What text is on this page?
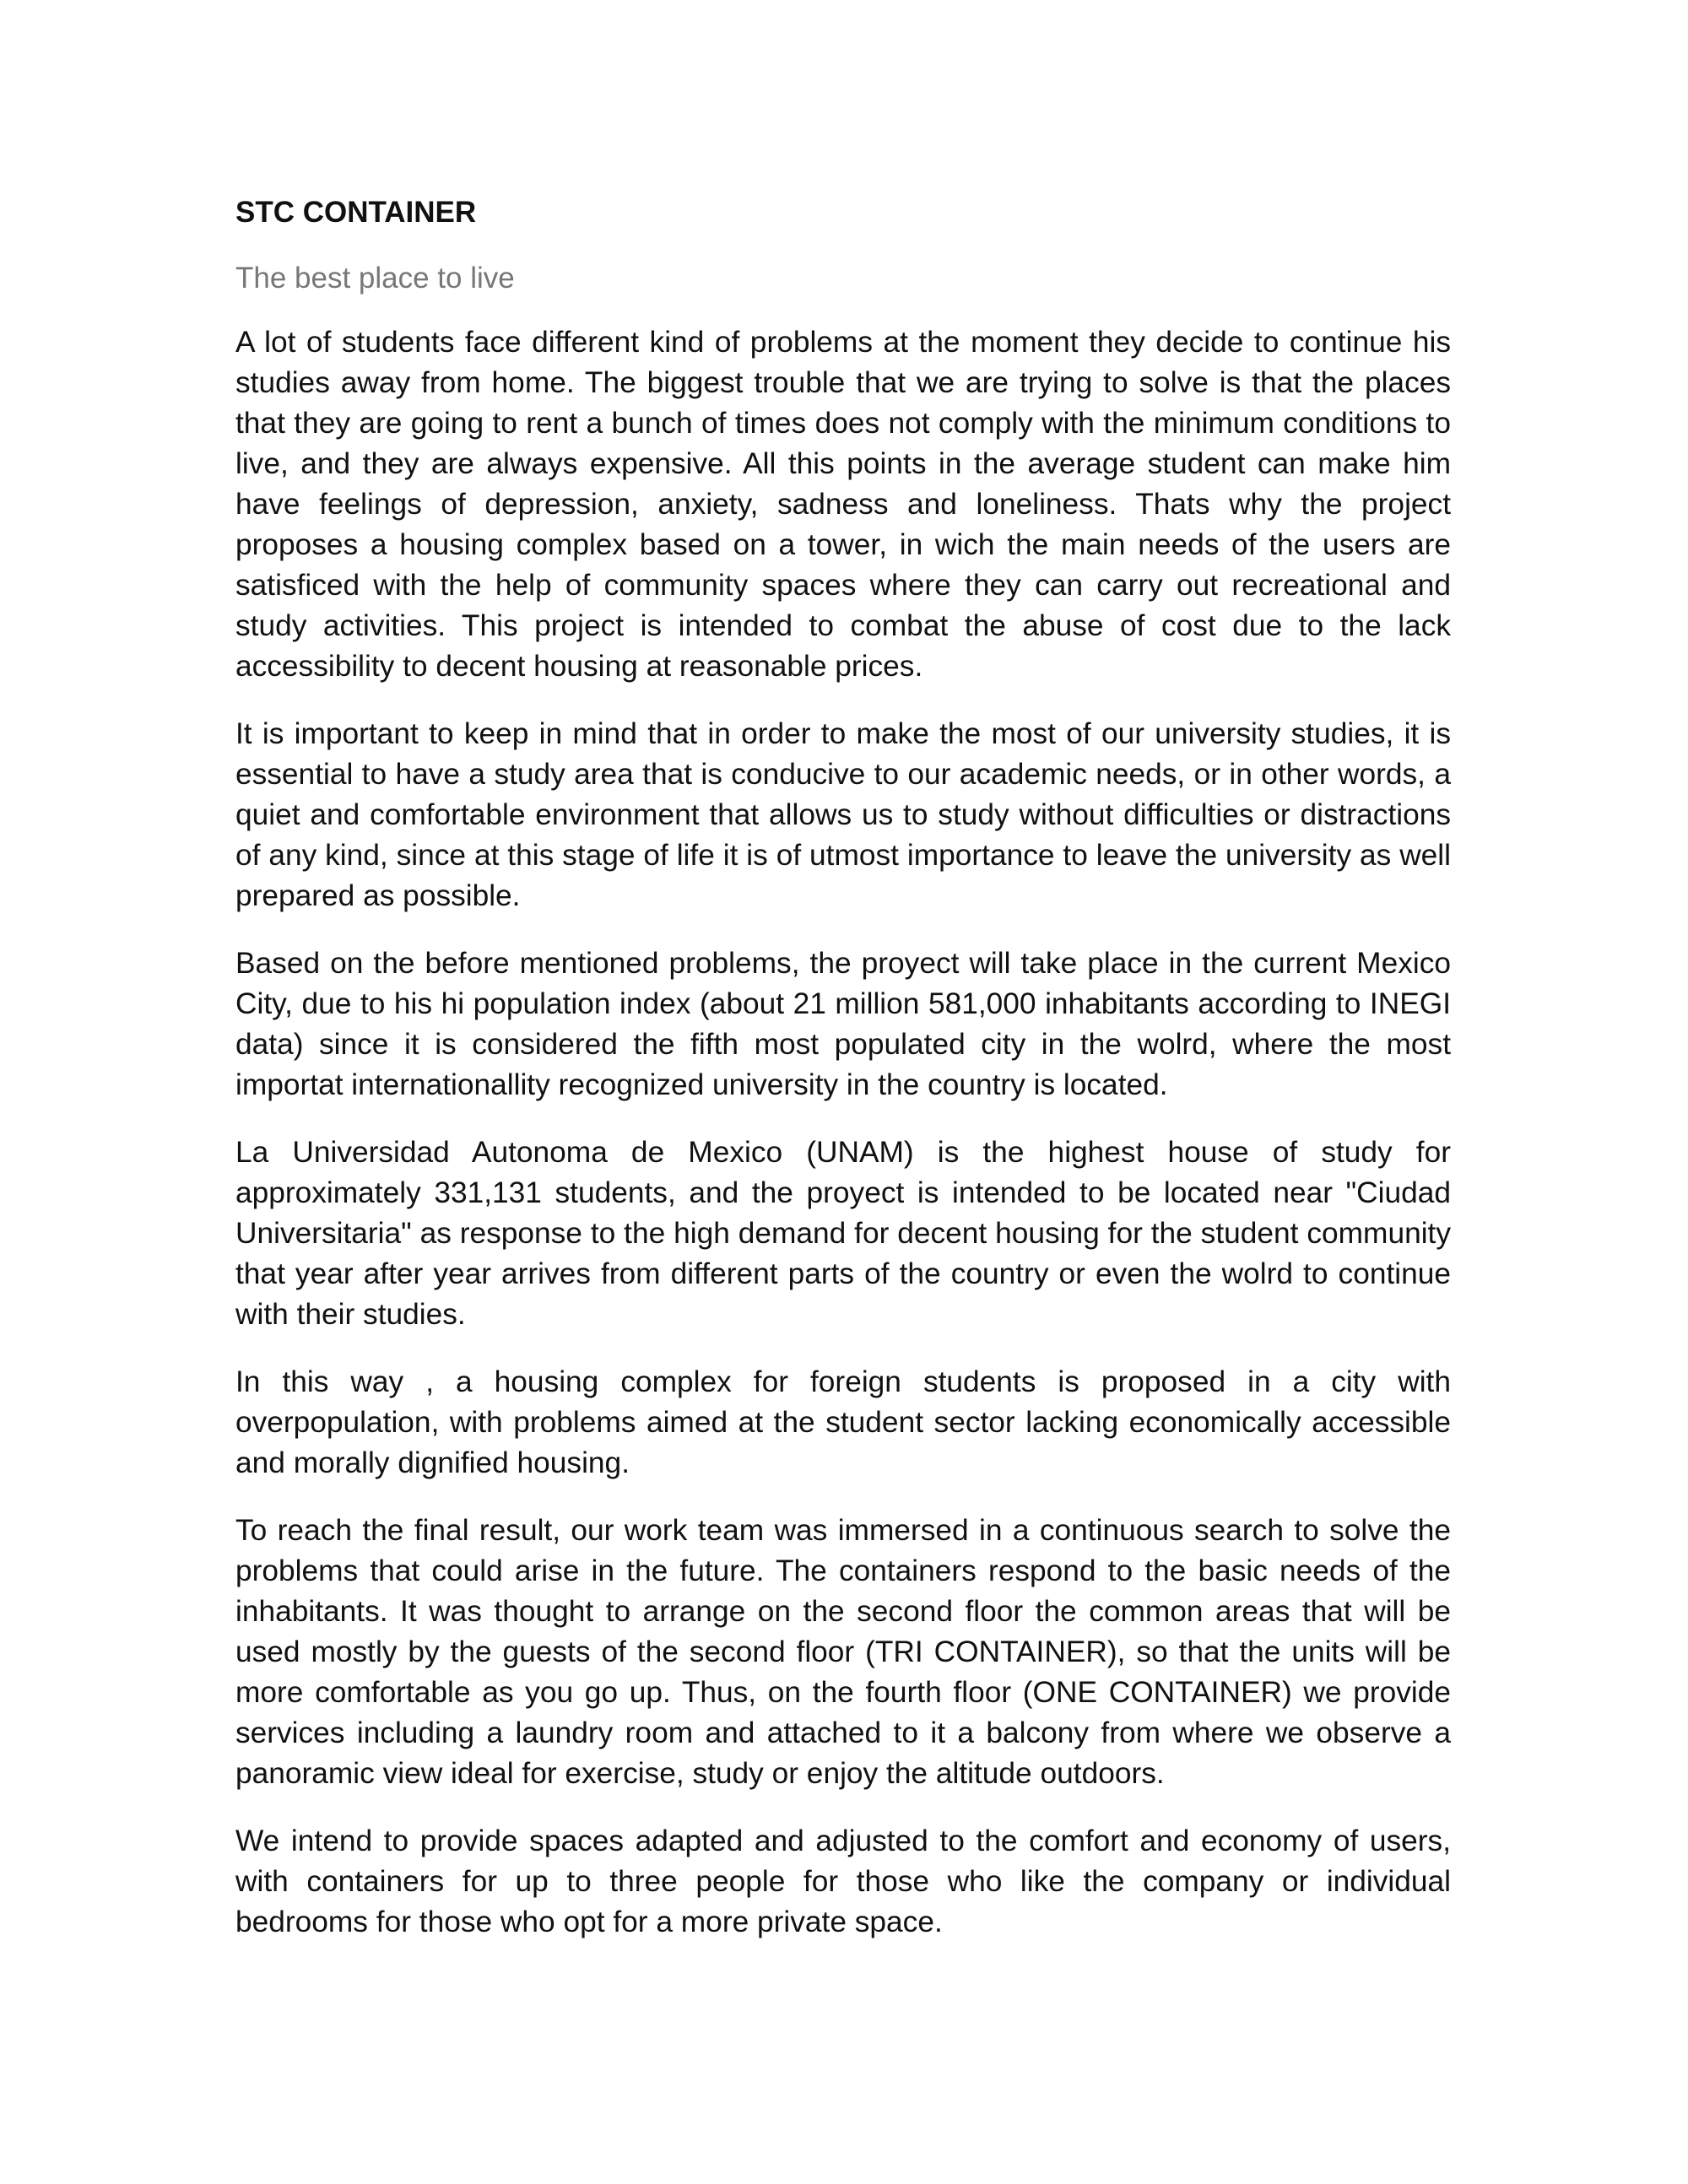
STC CONTAINER
The best place to live

A lot of students face different kind of problems at the moment they decide to continue his studies away from home. The biggest trouble that we are trying to solve is that the places that they are going to rent a bunch of times does not comply with the minimum conditions to live, and they are always expensive. All this points in the average student can make him have feelings of depression, anxiety, sadness and loneliness. Thats why the project proposes a housing complex based on a tower, in wich the main needs of the users are satisficed with the help of community spaces where they can carry out recreational and study activities. This project is intended to combat the abuse of cost due to the lack accessibility to decent housing at reasonable prices.

It is important to keep in mind that in order to make the most of our university studies, it is essential to have a study area that is conducive to our academic needs, or in other words, a quiet and comfortable environment that allows us to study without difficulties or distractions of any kind, since at this stage of life it is of utmost importance to leave the university as well prepared as possible.

Based on the before mentioned problems, the proyect will take place in the current Mexico City, due to his hi population index (about 21 million 581,000 inhabitants according to INEGI data) since it is considered the fifth most populated city in the wolrd, where the most importat internationallity recognized university in the country is located.

La Universidad Autonoma de Mexico (UNAM) is the highest house of study for approximately 331,131 students, and the proyect is intended to be located near "Ciudad Universitaria" as response to the high demand for decent housing for the student community that year after year arrives from different parts of the country or even the wolrd to continue with their studies.

In this way , a housing complex for foreign students is proposed in a city with overpopulation, with problems aimed at the student sector lacking economically accessible and morally dignified housing.

To reach the final result, our work team was immersed in a continuous search to solve the problems that could arise in the future. The containers respond to the basic needs of the inhabitants. It was thought to arrange on the second floor the common areas that will be used mostly by the guests of the second floor (TRI CONTAINER), so that the units will be more comfortable as you go up. Thus, on the fourth floor (ONE CONTAINER) we provide services including a laundry room and attached to it a balcony from where we observe a panoramic view ideal for exercise, study or enjoy the altitude outdoors.

We intend to provide spaces adapted and adjusted to the comfort and economy of users, with containers for up to three people for those who like the company or individual bedrooms for those who opt for a more private space.
